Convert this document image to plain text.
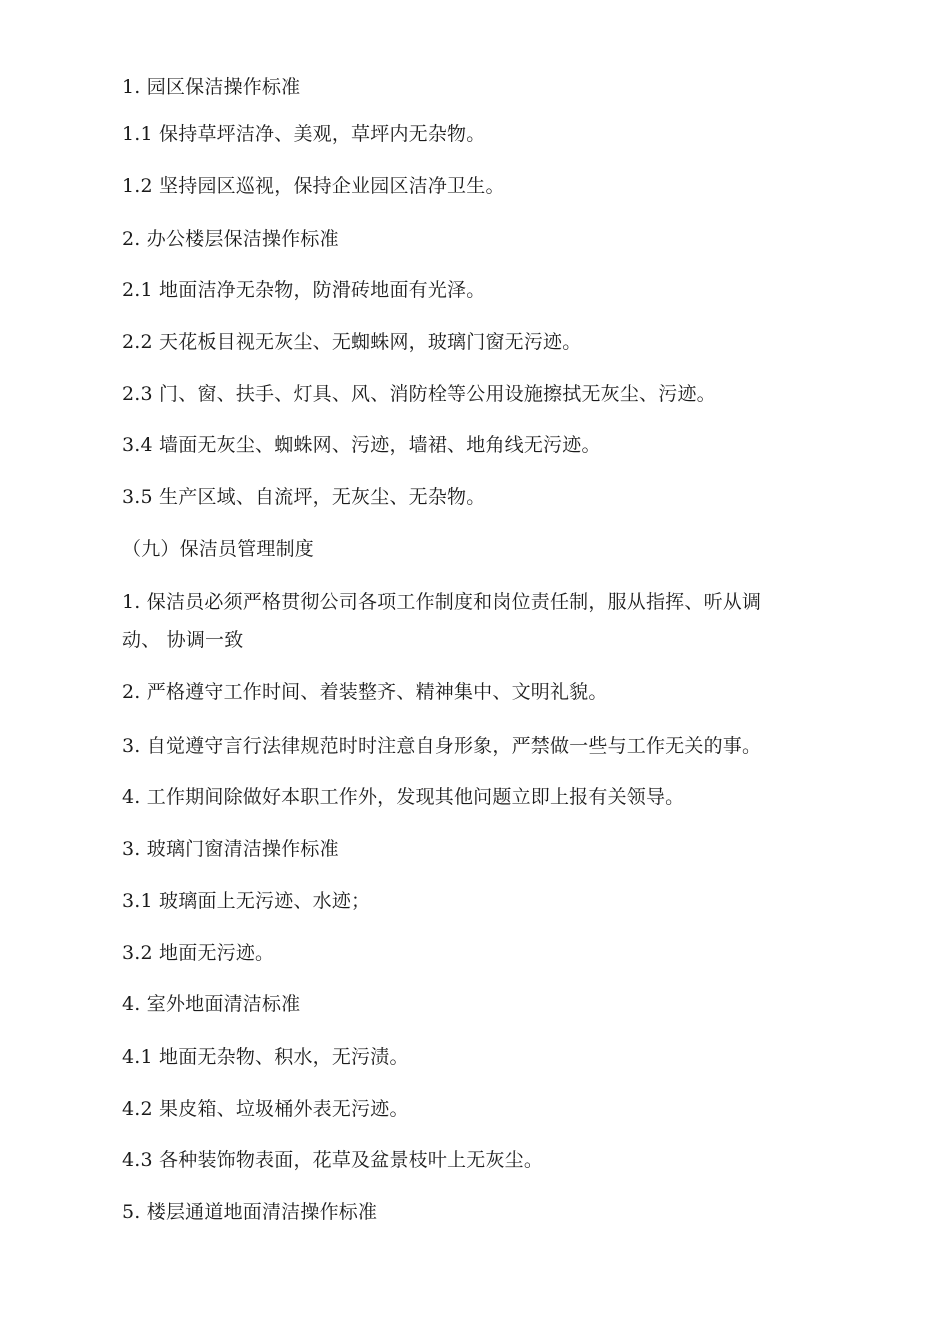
1. 园区保洁操作标准
1.1 保持草坪洁净、美观，草坪内无杂物。
1.2 坚持园区巡视，保持企业园区洁净卫生。
2. 办公楼层保洁操作标准
2.1 地面洁净无杂物，防滑砖地面有光泽。
2.2 天花板目视无灰尘、无蜘蛛网，玻璃门窗无污迹。
2.3 门、窗、扶手、灯具、风、消防栓等公用设施擦拭无灰尘、污迹。
3.4 墙面无灰尘、蜘蛛网、污迹，墙裙、地角线无污迹。
3.5 生产区域、自流坪，无灰尘、无杂物。
（九）保洁员管理制度
1. 保洁员必须严格贯彻公司各项工作制度和岗位责任制，服从指挥、听从调
动、 协调一致
2. 严格遵守工作时间、着装整齐、精神集中、文明礼貌。
3. 自觉遵守言行法律规范时时注意自身形象，严禁做一些与工作无关的事。
4. 工作期间除做好本职工作外，发现其他问题立即上报有关领导。
3. 玻璃门窗清洁操作标准
3.1 玻璃面上无污迹、水迹；
3.2 地面无污迹。
4. 室外地面清洁标准
4.1 地面无杂物、积水，无污渍。
4.2 果皮箱、垃圾桶外表无污迹。
4.3 各种装饰物表面，花草及盆景枝叶上无灰尘。
5. 楼层通道地面清洁操作标准
